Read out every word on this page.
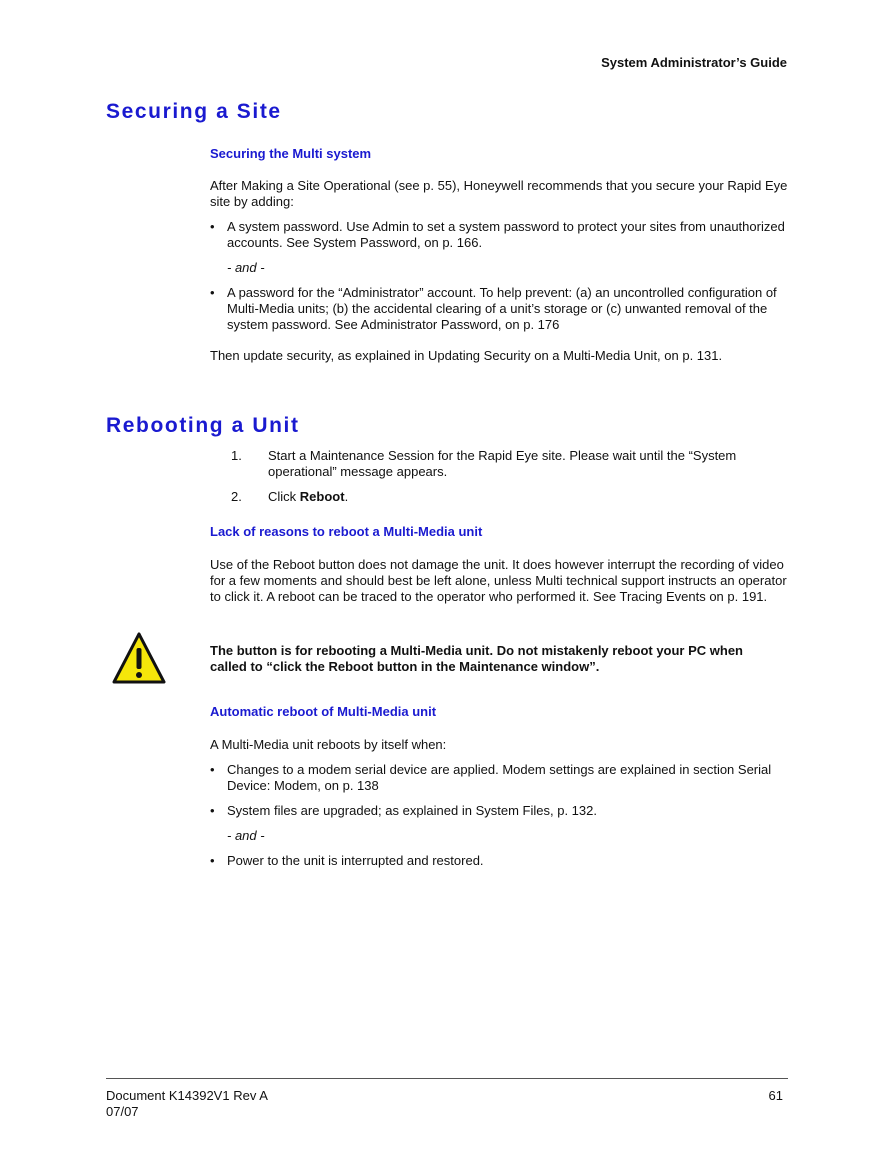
System Administrator’s Guide
Securing a Site
Securing the Multi system
After Making a Site Operational (see p. 55), Honeywell recommends that you secure your Rapid Eye site by adding:
• A system password. Use Admin to set a system password to protect your sites from unauthorized accounts. See System Password, on p. 166.
- and -
• A password for the “Administrator” account. To help prevent: (a) an uncontrolled configuration of Multi-Media units; (b) the accidental clearing of a unit’s storage or (c) unwanted removal of the system password. See Administrator Password, on p. 176
Then update security, as explained in Updating Security on a Multi-Media Unit, on p. 131.
Rebooting a Unit
1.	Start a Maintenance Session for the Rapid Eye site. Please wait until the “System operational” message appears.
2.	Click Reboot.
Lack of reasons to reboot a Multi-Media unit
Use of the Reboot button does not damage the unit. It does however interrupt the recording of video for a few moments and should best be left alone, unless Multi technical support instructs an operator to click it. A reboot can be traced to the operator who performed it. See Tracing Events on p. 191.
The button is for rebooting a Multi-Media unit. Do not mistakenly reboot your PC when called to “click the Reboot button in the Maintenance window”.
Automatic reboot of Multi-Media unit
A Multi-Media unit reboots by itself when:
• Changes to a modem serial device are applied. Modem settings are explained in section Serial Device: Modem, on p. 138
• System files are upgraded; as explained in System Files, p. 132.
- and -
• Power to the unit is interrupted and restored.
Document K14392V1 Rev A
07/07
61
